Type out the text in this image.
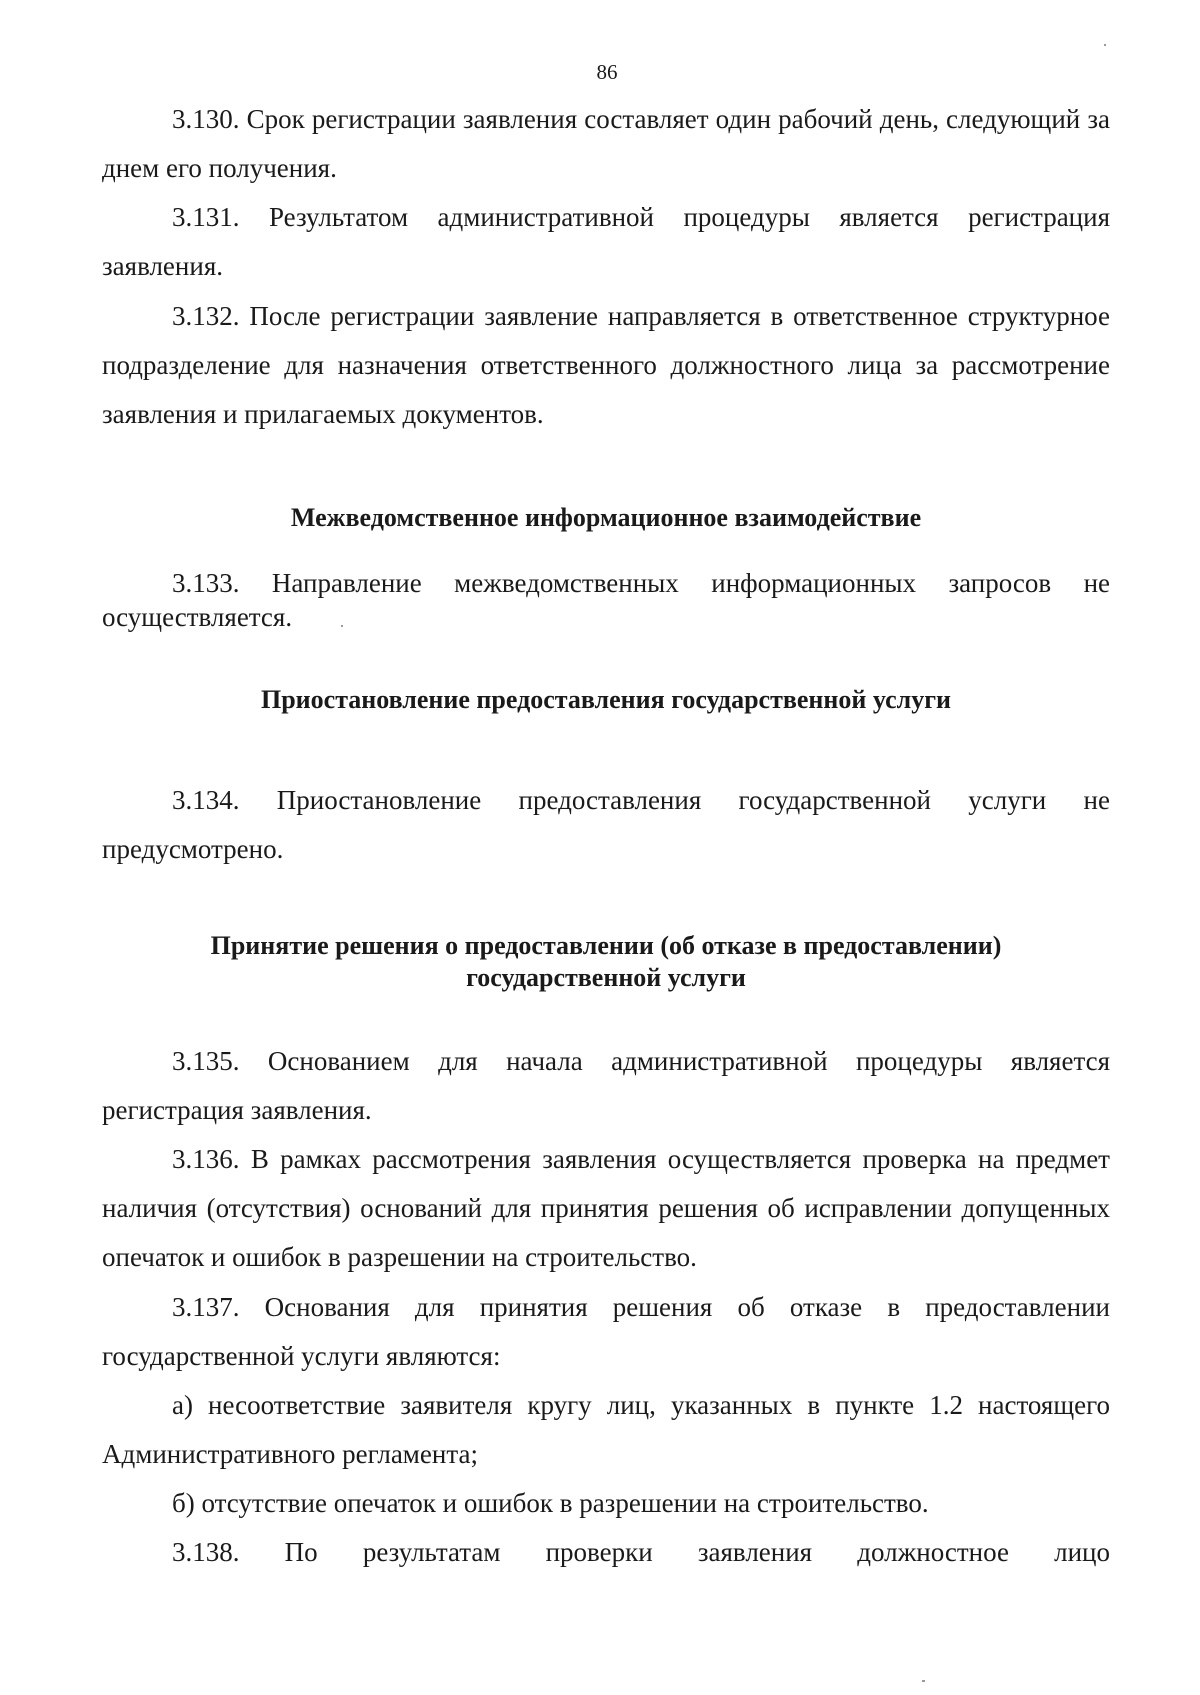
86

3.130. Срок регистрации заявления составляет один рабочий день, следующий за днем его получения.

3.131. Результатом административной процедуры является регистрация заявления.

3.132. После регистрации заявление направляется в ответственное структурное подразделение для назначения ответственного должностного лица за рассмотрение заявления и прилагаемых документов.

Межведомственное информационное взаимодействие

3.133. Направление межведомственных информационных запросов не осуществляется.

Приостановление предоставления государственной услуги

3.134. Приостановление предоставления государственной услуги не предусмотрено.

Принятие решения о предоставлении (об отказе в предоставлении)
государственной услуги

3.135. Основанием для начала административной процедуры является регистрация заявления.

3.136. В рамках рассмотрения заявления осуществляется проверка на предмет наличия (отсутствия) оснований для принятия решения об исправлении допущенных опечаток и ошибок в разрешении на строительство.

3.137. Основания для принятия решения об отказе в предоставлении государственной услуги являются:

а) несоответствие заявителя кругу лиц, указанных в пункте 1.2 настоящего Административного регламента;

б) отсутствие опечаток и ошибок в разрешении на строительство.

3.138. По результатам проверки заявления должностное лицо
